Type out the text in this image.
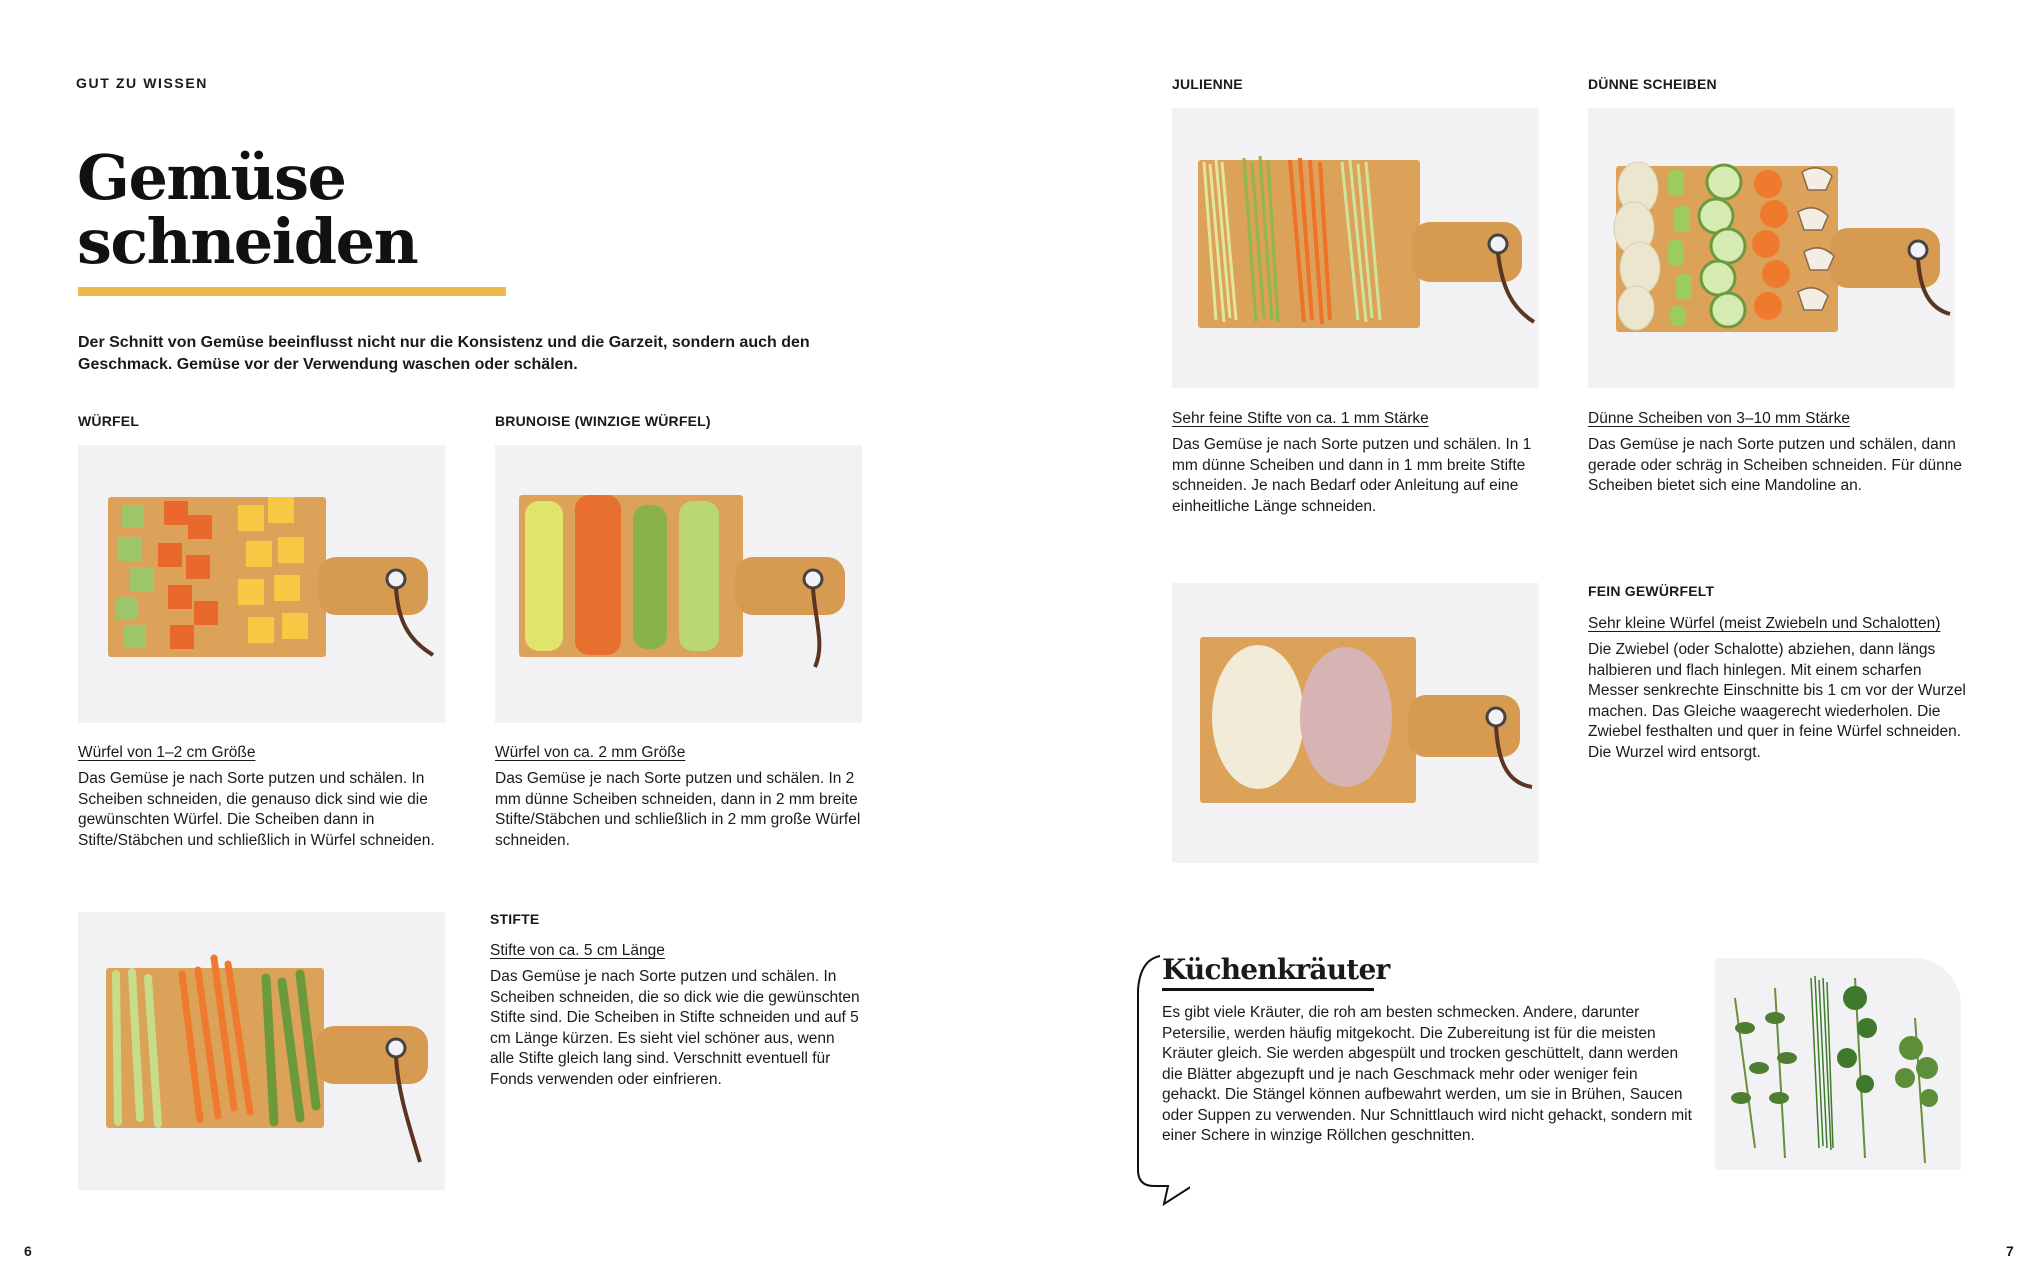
GUT ZU WISSEN
Gemüse
schneiden
Der Schnitt von Gemüse beeinflusst nicht nur die Konsistenz und die Garzeit, sondern auch den Geschmack. Gemüse vor der Verwendung waschen oder schälen.
WÜRFEL
Würfel von 1–2 cm Größe
Das Gemüse je nach Sorte putzen und schälen. In Scheiben schneiden, die genauso dick sind wie die gewünschten Würfel. Die Scheiben dann in Stifte/Stäbchen und schließlich in Würfel schneiden.
BRUNOISE (WINZIGE WÜRFEL)
Würfel von ca. 2 mm Größe
Das Gemüse je nach Sorte putzen und schälen. In 2 mm dünne Scheiben schneiden, dann in 2 mm breite Stifte/Stäbchen und schließlich in 2 mm große Würfel schneiden.
STIFTE
Stifte von ca. 5 cm Länge
Das Gemüse je nach Sorte putzen und schälen. In Scheiben schneiden, die so dick wie die gewünschten Stifte sind. Die Scheiben in Stifte schneiden und auf 5 cm Länge kürzen. Es sieht viel schöner aus, wenn alle Stifte gleich lang sind. Verschnitt eventuell für Fonds verwenden oder einfrieren.
6
JULIENNE
Sehr feine Stifte von ca. 1 mm Stärke
Das Gemüse je nach Sorte putzen und schälen. In 1 mm dünne Scheiben und dann in 1 mm breite Stifte schneiden. Je nach Bedarf oder Anleitung auf eine einheitliche Länge schneiden.
DÜNNE SCHEIBEN
Dünne Scheiben von 3–10 mm Stärke
Das Gemüse je nach Sorte putzen und schälen, dann gerade oder schräg in Scheiben schneiden. Für dünne Scheiben bietet sich eine Mandoline an.
FEIN GEWÜRFELT
Sehr kleine Würfel (meist Zwiebeln und Schalotten)
Die Zwiebel (oder Schalotte) abziehen, dann längs halbieren und flach hinlegen. Mit einem scharfen Messer senkrechte Einschnitte bis 1 cm vor der Wurzel machen. Das Gleiche waagerecht wiederholen. Die Zwiebel festhalten und quer in feine Würfel schneiden. Die Wurzel wird entsorgt.
Küchenkräuter
Es gibt viele Kräuter, die roh am besten schmecken. Andere, darunter Petersilie, werden häufig mitgekocht. Die Zubereitung ist für die meisten Kräuter gleich. Sie werden abgespült und trocken geschüttelt, dann werden die Blätter abgezupft und je nach Geschmack mehr oder weniger fein gehackt. Die Stängel können aufbewahrt werden, um sie in Brühen, Saucen oder Suppen zu verwenden. Nur Schnittlauch wird nicht gehackt, sondern mit einer Schere in winzige Röllchen geschnitten.
7
